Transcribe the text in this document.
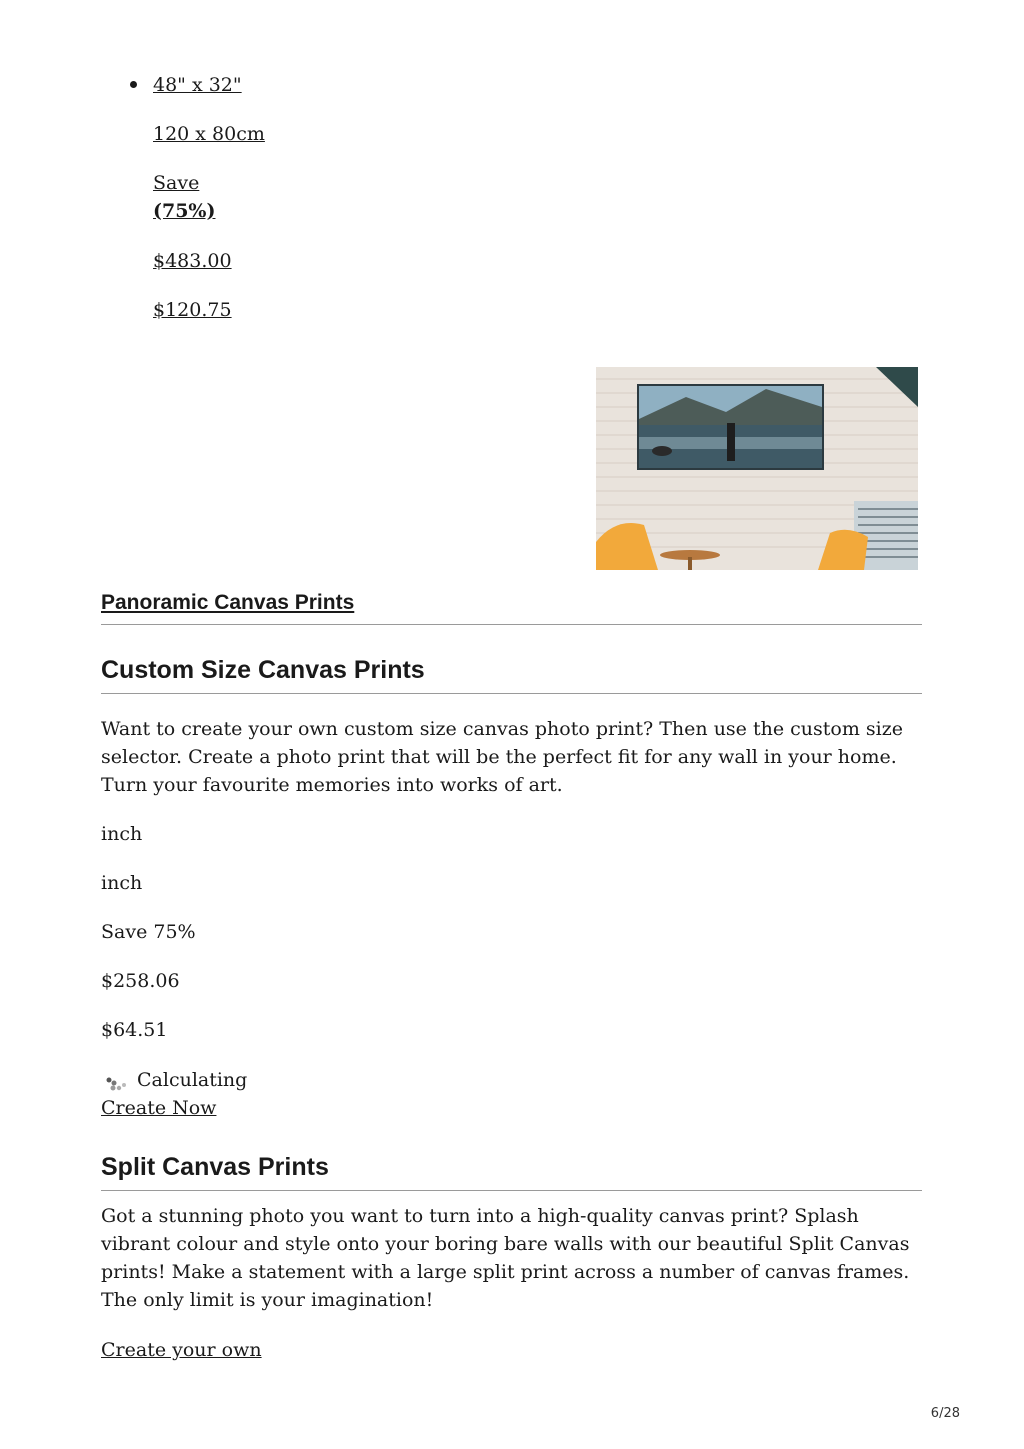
48" x 32"
120 x 80cm
Save
(75%)
$483.00
$120.75
Panoramic Canvas Prints
Custom Size Canvas Prints
Want to create your own custom size canvas photo print? Then use the custom size selector. Create a photo print that will be the perfect fit for any wall in your home. Turn your favourite memories into works of art.
inch
inch
Save 75%
$258.06
$64.51
Calculating
Create Now
Split Canvas Prints
Got a stunning photo you want to turn into a high-quality canvas print? Splash vibrant colour and style onto your boring bare walls with our beautiful Split Canvas prints! Make a statement with a large split print across a number of canvas frames. The only limit is your imagination!
Create your own
6/28
